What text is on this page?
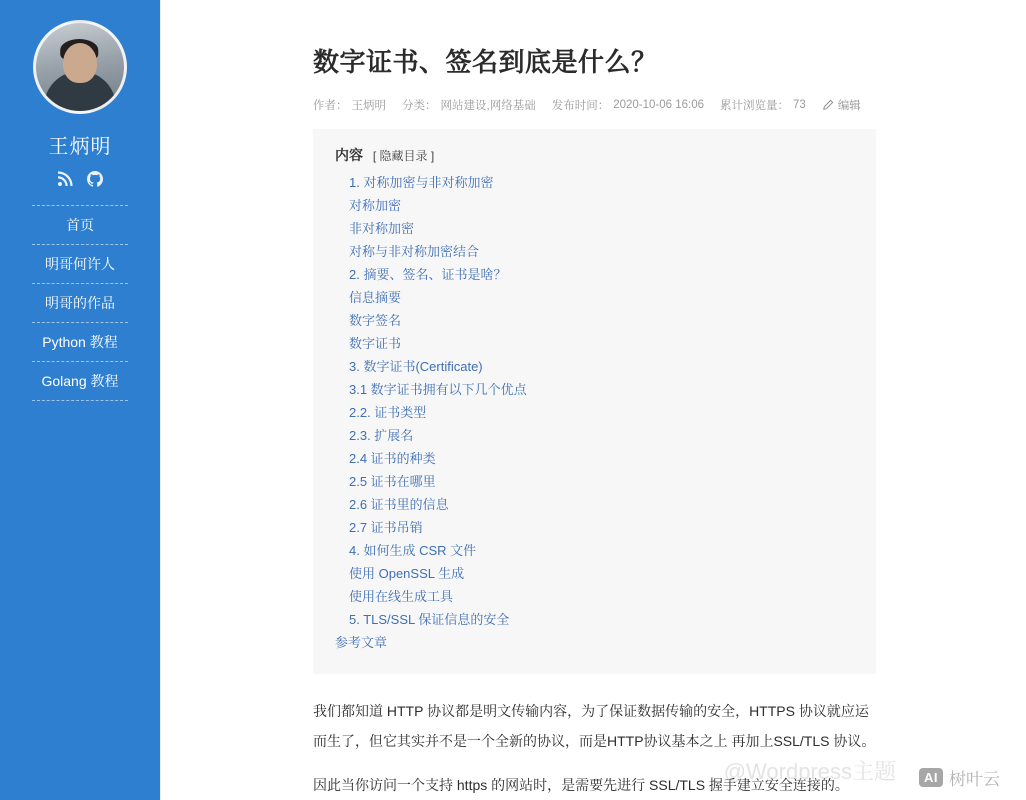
王炳明
首页
明哥何许人
明哥的作品
Python 教程
Golang 教程
数字证书、签名到底是什么？
作者： 王炳明 分类： 网站建设,网络基础 发布时间： 2020-10-06 16:06 累计浏览量： 73	编辑
内容 [ 隐藏目录 ]
1. 对称加密与非对称加密
对称加密
非对称加密
对称与非对称加密结合
2. 摘要、签名、证书是啥？
信息摘要
数字签名
数字证书
3. 数字证书(Certificate)
3.1 数字证书拥有以下几个优点
2.2. 证书类型
2.3. 扩展名
2.4 证书的种类
2.5 证书在哪里
2.6 证书里的信息
2.7 证书吊销
4. 如何生成 CSR 文件
使用 OpenSSL 生成
使用在线生成工具
5. TLS/SSL 保证信息的安全
参考文章

我们都知道 HTTP 协议都是明文传输内容，为了保证数据传输的安全，HTTPS 协议就应运而生了，但它其实并不是一个全新的协议，而是HTTP协议基本之上 再加上SSL/TLS 协议。

因此当你访问一个支持 https 的网站时，是需要先进行 SSL/TLS 握手建立安全连接的。

@Wordpress主题	AI 树叶云
